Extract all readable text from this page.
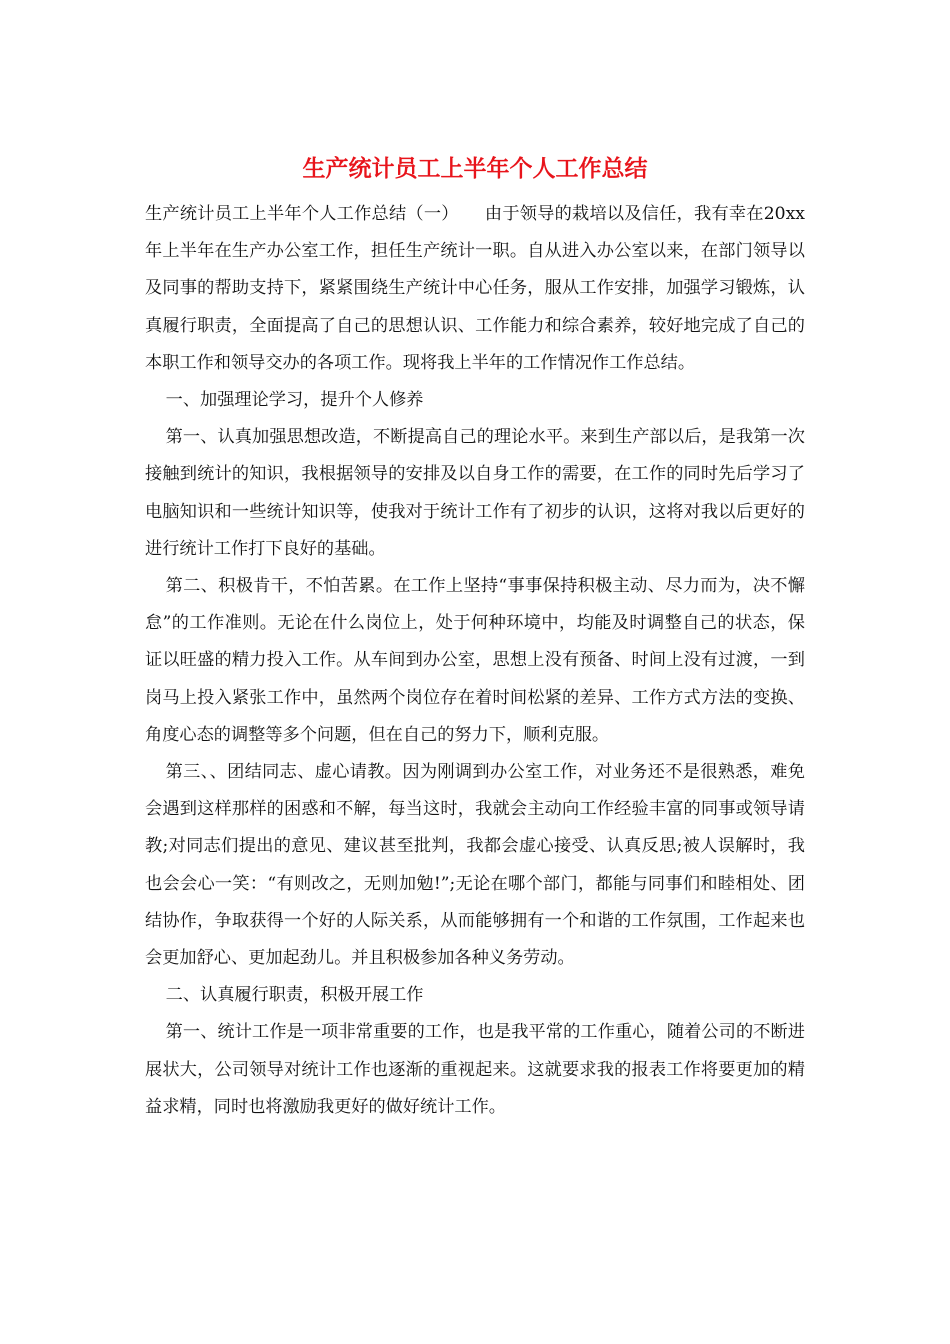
生产统计员工上半年个人工作总结

生产统计员工上半年个人工作总结（一）　　由于领导的栽培以及信任，我有幸在20xx年上半年在生产办公室工作，担任生产统计一职。自从进入办公室以来，在部门领导以及同事的帮助支持下，紧紧围绕生产统计中心任务，服从工作安排，加强学习锻炼，认真履行职责，全面提高了自己的思想认识、工作能力和综合素养，较好地完成了自己的本职工作和领导交办的各项工作。现将我上半年的工作情况作工作总结。

一、加强理论学习，提升个人修养

第一、认真加强思想改造，不断提高自己的理论水平。来到生产部以后，是我第一次接触到统计的知识，我根据领导的安排及以自身工作的需要，在工作的同时先后学习了电脑知识和一些统计知识等，使我对于统计工作有了初步的认识，这将对我以后更好的进行统计工作打下良好的基础。

第二、积极肯干，不怕苦累。在工作上坚持“事事保持积极主动、尽力而为，决不懈怠”的工作准则。无论在什么岗位上，处于何种环境中，均能及时调整自己的状态，保证以旺盛的精力投入工作。从车间到办公室，思想上没有预备、时间上没有过渡，一到岗马上投入紧张工作中，虽然两个岗位存在着时间松紧的差异、工作方式方法的变换、角度心态的调整等多个问题，但在自己的努力下，顺利克服。

第三、、团结同志、虚心请教。因为刚调到办公室工作，对业务还不是很熟悉，难免会遇到这样那样的困惑和不解，每当这时，我就会主动向工作经验丰富的同事或领导请教;对同志们提出的意见、建议甚至批判，我都会虚心接受、认真反思;被人误解时，我也会会心一笑：“有则改之，无则加勉!”;无论在哪个部门，都能与同事们和睦相处、团结协作，争取获得一个好的人际关系，从而能够拥有一个和谐的工作氛围，工作起来也会更加舒心、更加起劲儿。并且积极参加各种义务劳动。

二、认真履行职责，积极开展工作

第一、统计工作是一项非常重要的工作，也是我平常的工作重心，随着公司的不断进展状大，公司领导对统计工作也逐渐的重视起来。这就要求我的报表工作将要更加的精益求精，同时也将激励我更好的做好统计工作。
